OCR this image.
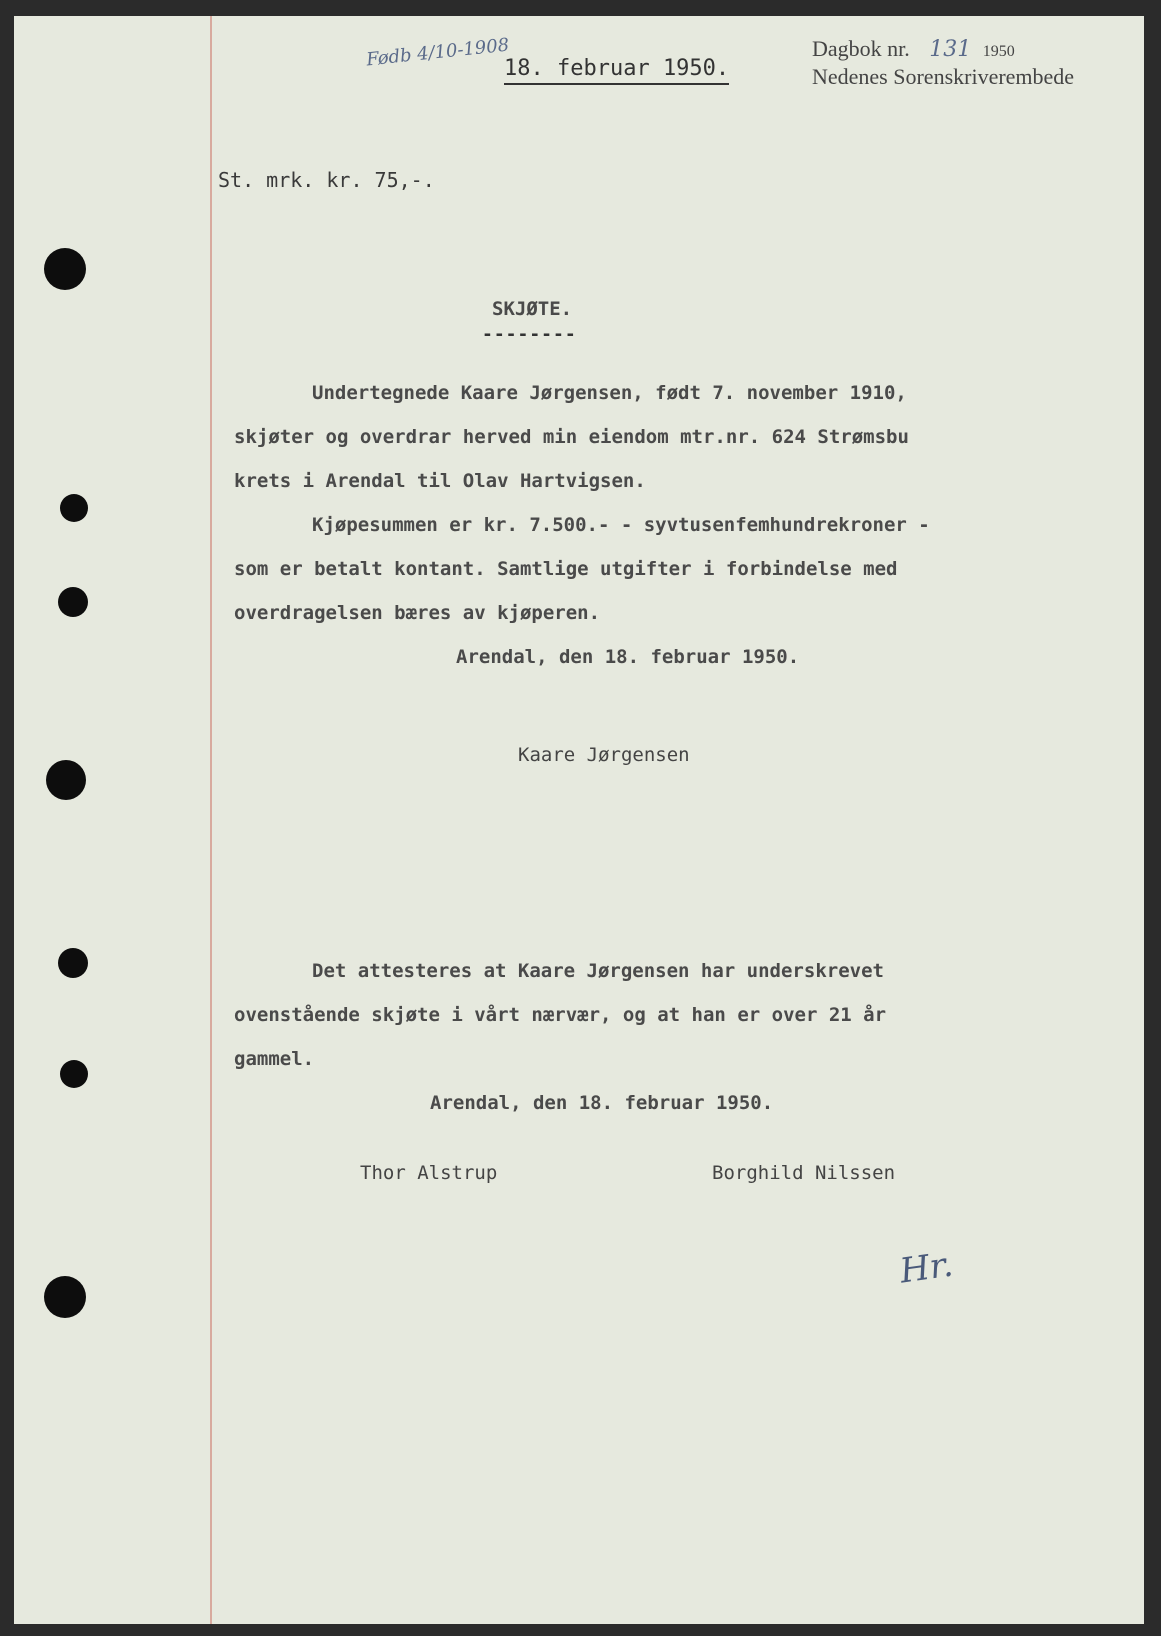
Fødb 4/10-1908
18. februar 1950.
Dagbok nr. 131 1950
Nedenes Sorenskriverembede
St. mrk. kr. 75,-.
SKJØTE.
--------
Undertegnede Kaare Jørgensen, født 7. november 1910,
skjøter og overdrar herved min eiendom mtr.nr. 624 Strømsbu
krets i Arendal til Olav Hartvigsen.
Kjøpesummen er kr. 7.500.- - syvtusenfemhundrekroner -
som er betalt kontant. Samtlige utgifter i forbindelse med
overdragelsen bæres av kjøperen.
Arendal, den 18. februar 1950.
Kaare Jørgensen
Det attesteres at Kaare Jørgensen har underskrevet
ovenstående skjøte i vårt nærvær, og at han er over 21 år
gammel.
Arendal, den 18. februar 1950.
Thor Alstrup	Borghild Nilssen
Hr.
